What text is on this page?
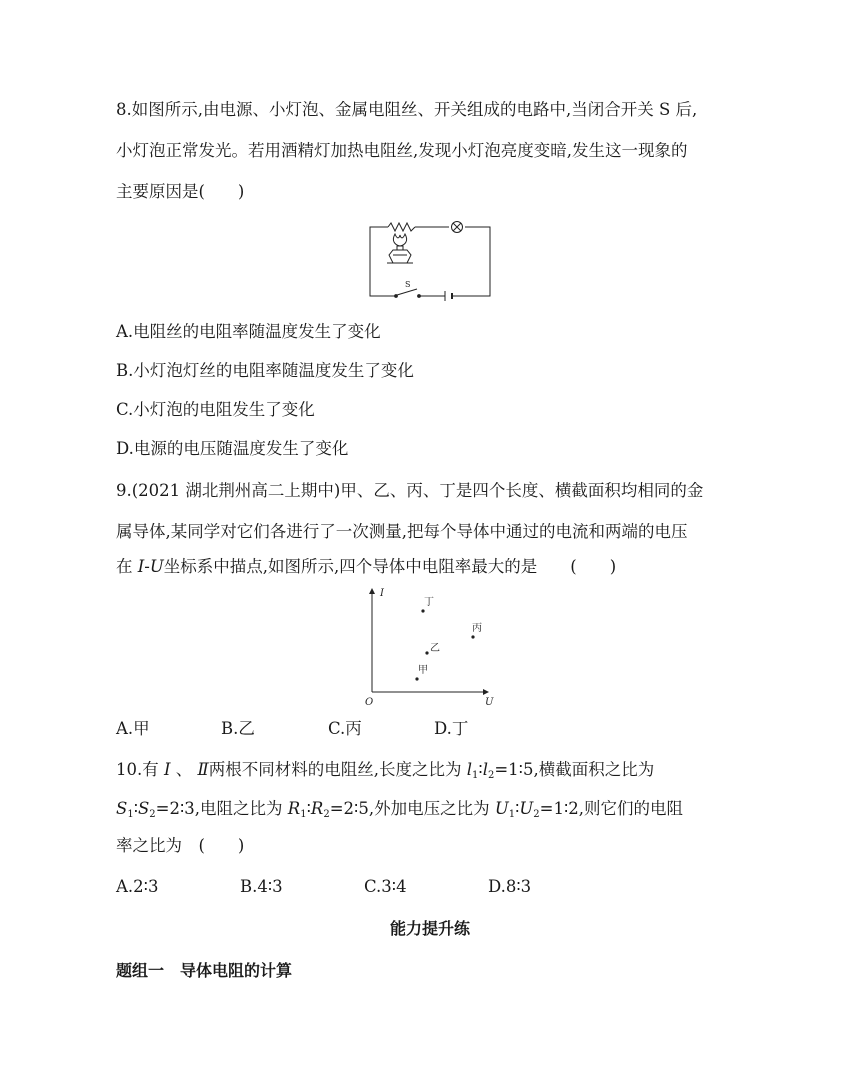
8.如图所示,由电源、小灯泡、金属电阻丝、开关组成的电路中,当闭合开关 S 后,
小灯泡正常发光。若用酒精灯加热电阻丝,发现小灯泡亮度变暗,发生这一现象的
主要原因是(　　)
S
A.电阻丝的电阻率随温度发生了变化
B.小灯泡灯丝的电阻率随温度发生了变化
C.小灯泡的电阻发生了变化
D.电源的电压随温度发生了变化
9.(2021 湖北荆州高二上期中)甲、乙、丙、丁是四个长度、横截面积均相同的金
属导体,某同学对它们各进行了一次测量,把每个导体中通过的电流和两端的电压
在 I-U坐标系中描点,如图所示,四个导体中电阻率最大的是　　(　　)
I
U
O
丁
丙
乙
甲
A.甲	B.乙	C.丙	D.丁
10.有 Ⅰ 、 Ⅱ两根不同材料的电阻丝,长度之比为 $l_1∶l_2=1∶5$,横截面积之比为
$S_1∶S_2=2∶3$,电阻之比为 $R_1∶R_2=2∶5$,外加电压之比为 $U_1∶U_2=1∶2$,则它们的电阻
率之比为　(　　)
A.2∶3	B.4∶3	C.3∶4	D.8∶3
能力提升练
题组一　导体电阻的计算
